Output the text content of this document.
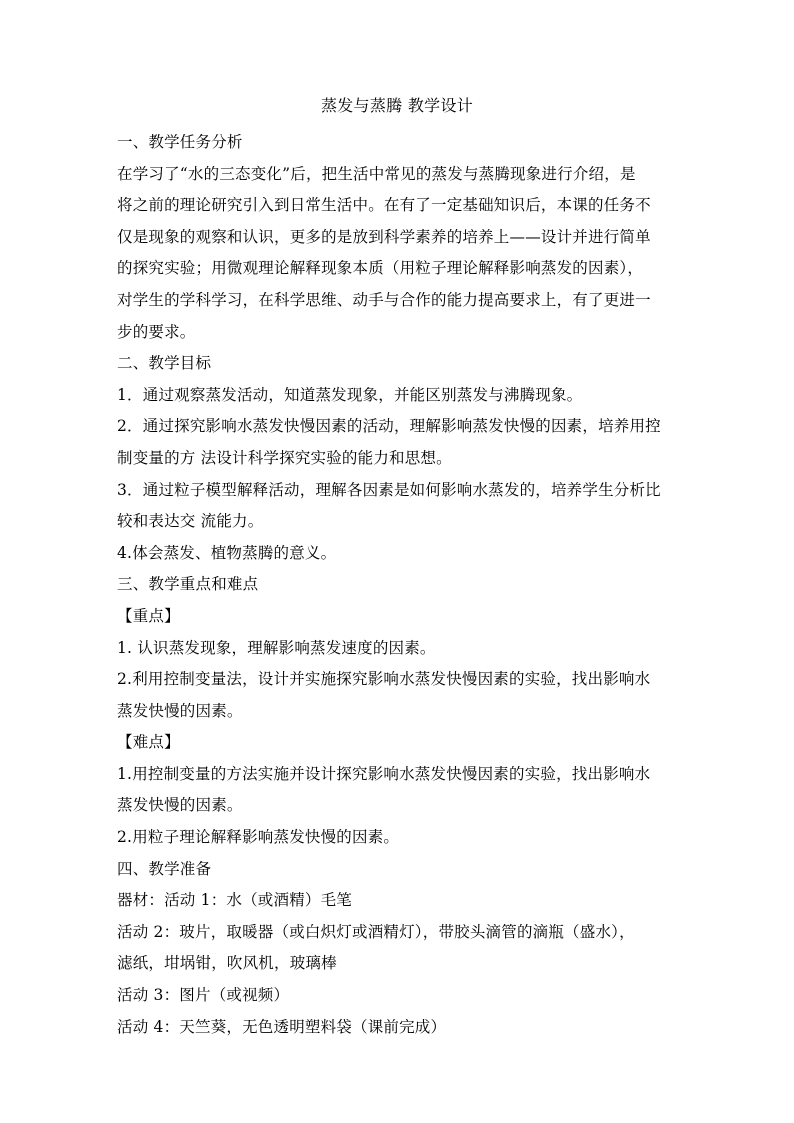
蒸发与蒸腾 教学设计
一、教学任务分析
在学习了“水的三态变化”后，把生活中常见的蒸发与蒸腾现象进行介绍，是
将之前的理论研究引入到日常生活中。在有了一定基础知识后，本课的任务不
仅是现象的观察和认识，更多的是放到科学素养的培养上——设计并进行简单
的探究实验；用微观理论解释现象本质（用粒子理论解释影响蒸发的因素），
对学生的学科学习，在科学思维、动手与合作的能力提高要求上，有了更进一
步的要求。
二、教学目标
1．通过观察蒸发活动，知道蒸发现象，并能区别蒸发与沸腾现象。
2．通过探究影响水蒸发快慢因素的活动，理解影响蒸发快慢的因素，培养用控
制变量的方 法设计科学探究实验的能力和思想。
3．通过粒子模型解释活动，理解各因素是如何影响水蒸发的，培养学生分析比
较和表达交 流能力。
4.体会蒸发、植物蒸腾的意义。
三、教学重点和难点
【重点】
1. 认识蒸发现象，理解影响蒸发速度的因素。
2.利用控制变量法，设计并实施探究影响水蒸发快慢因素的实验，找出影响水
蒸发快慢的因素。
【难点】
1.用控制变量的方法实施并设计探究影响水蒸发快慢因素的实验，找出影响水
蒸发快慢的因素。
2.用粒子理论解释影响蒸发快慢的因素。
四、教学准备
器材：活动 1：水（或酒精）毛笔
活动 2：玻片，取暖器（或白炽灯或酒精灯），带胶头滴管的滴瓶（盛水），
滤纸，坩埚钳，吹风机，玻璃棒
活动 3：图片（或视频）
活动 4：天竺葵，无色透明塑料袋（课前完成）
